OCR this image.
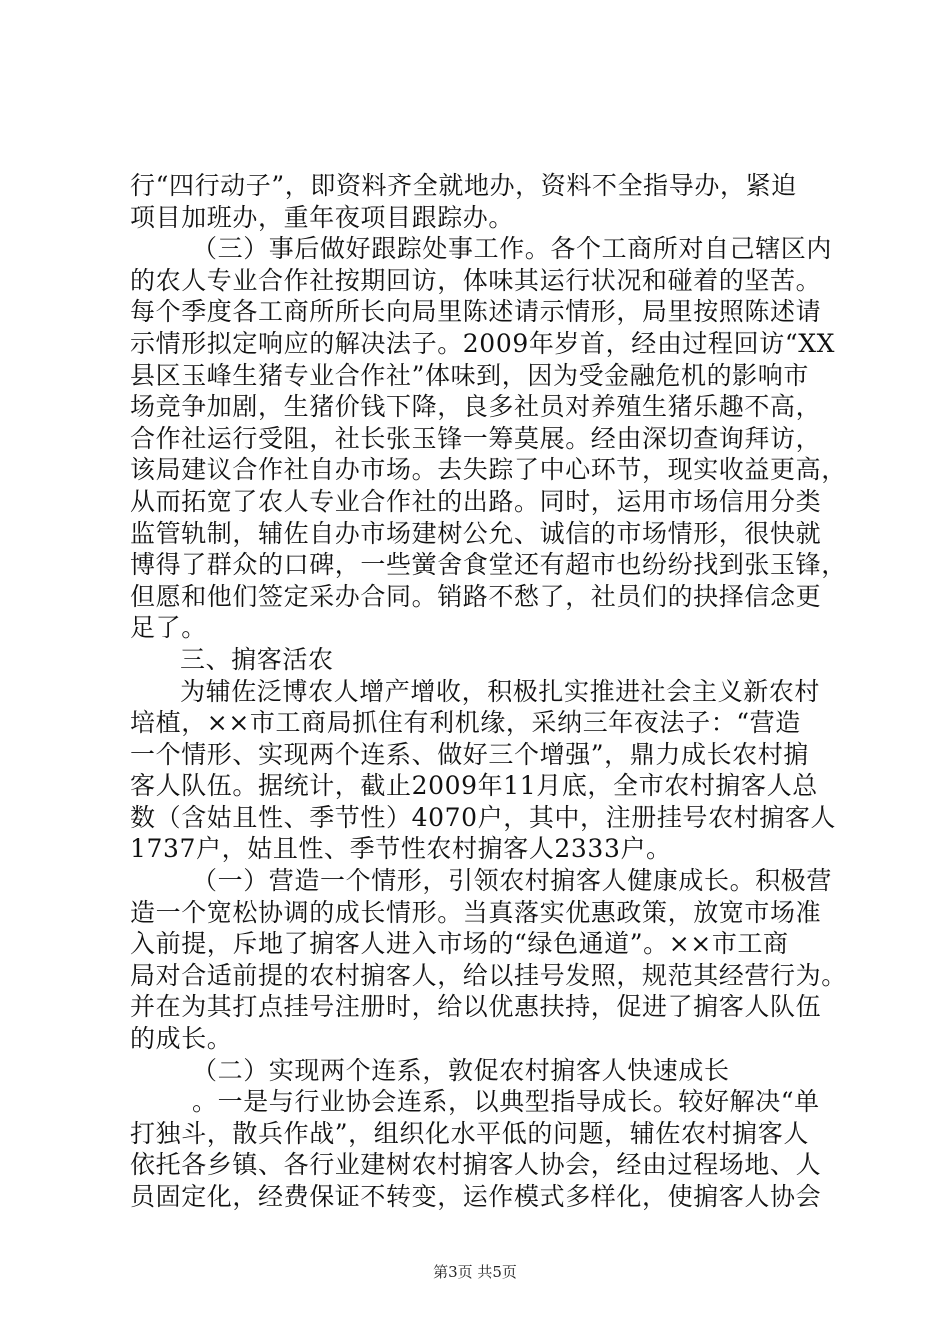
行“四行动子”，即资料齐全就地办，资料不全指导办，紧迫
项目加班办，重年夜项目跟踪办。
（三）事后做好跟踪处事工作。各个工商所对自己辖区内
的农人专业合作社按期回访，体味其运行状况和碰着的坚苦。
每个季度各工商所所长向局里陈述请示情形，局里按照陈述请
示情形拟定响应的解决法子。2009年岁首，经由过程回访“XX
县区玉峰生猪专业合作社”体味到，因为受金融危机的影响市
场竞争加剧，生猪价钱下降，良多社员对养殖生猪乐趣不高，
合作社运行受阻，社长张玉锋一筹莫展。经由深切查询拜访，
该局建议合作社自办市场。去失踪了中心环节，现实收益更高，
从而拓宽了农人专业合作社的出路。同时，运用市场信用分类
监管轨制，辅佐自办市场建树公允、诚信的市场情形，很快就
博得了群众的口碑，一些黉舍食堂还有超市也纷纷找到张玉锋，
但愿和他们签定采办合同。销路不愁了，社员们的抉择信念更
足了。
三、掮客活农
为辅佐泛博农人增产增收，积极扎实推进社会主义新农村
培植，××市工商局抓住有利机缘，采纳三年夜法子：“营造
一个情形、实现两个连系、做好三个增强”，鼎力成长农村掮
客人队伍。据统计，截止2009年11月底，全市农村掮客人总
数（含姑且性、季节性）4070户，其中，注册挂号农村掮客人
1737户，姑且性、季节性农村掮客人2333户。
（一）营造一个情形，引领农村掮客人健康成长。积极营
造一个宽松协调的成长情形。当真落实优惠政策，放宽市场准
入前提，斥地了掮客人进入市场的“绿色通道”。××市工商
局对合适前提的农村掮客人，给以挂号发照，规范其经营行为。
并在为其打点挂号注册时，给以优惠扶持，促进了掮客人队伍
的成长。
（二）实现两个连系，敦促农村掮客人快速成长
。一是与行业协会连系，以典型指导成长。较好解决“单
打独斗，散兵作战”，组织化水平低的问题，辅佐农村掮客人
依托各乡镇、各行业建树农村掮客人协会，经由过程场地、人
员固定化，经费保证不转变，运作模式多样化，使掮客人协会
第3页 共5页
